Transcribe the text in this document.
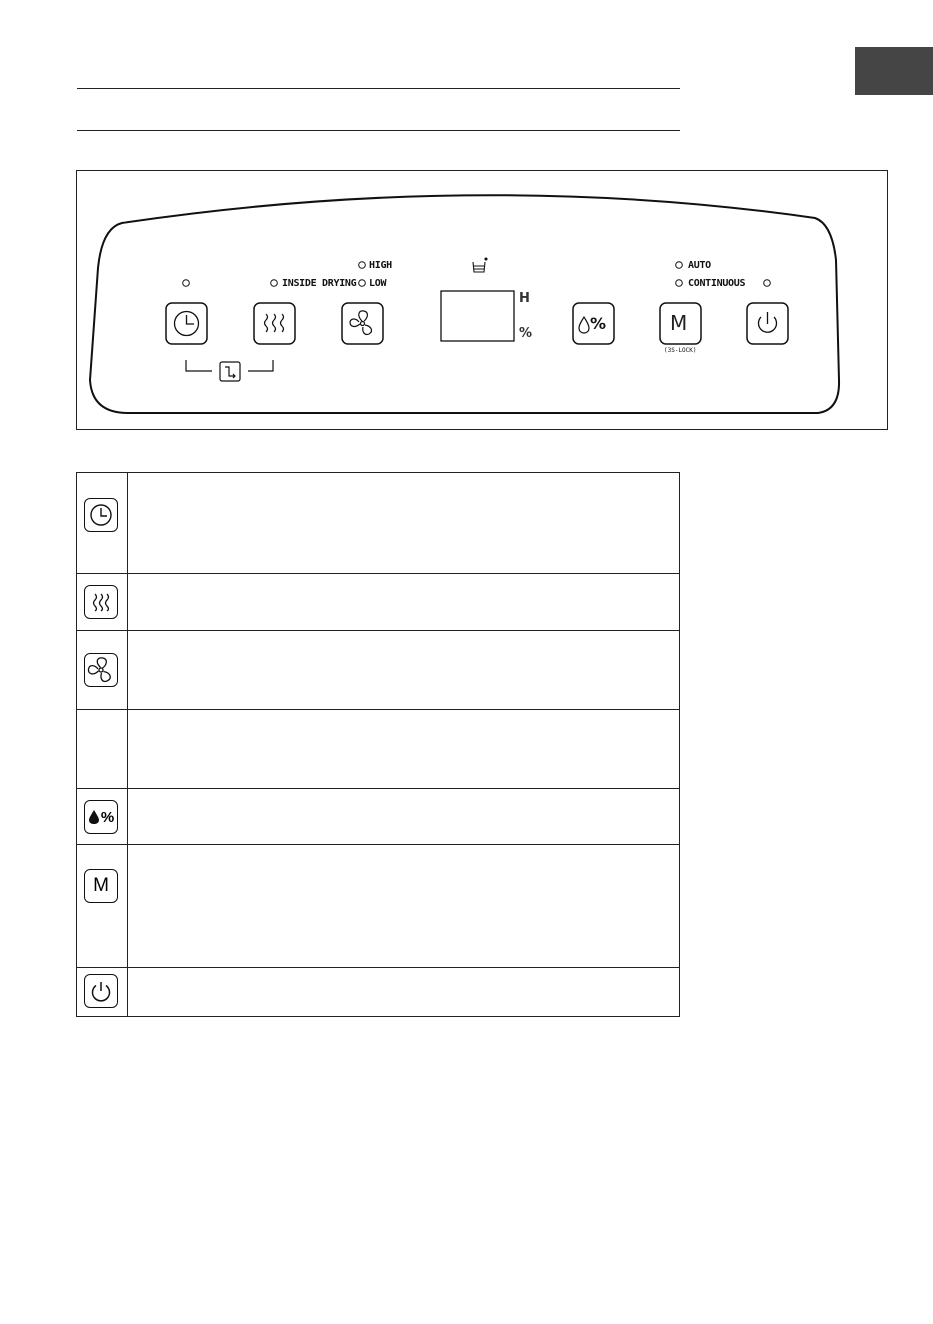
INSIDE DRYING
HIGH
LOW
AUTO
CONTINUOUS
H
%
%	M
(3S-LOCK)
%
M
